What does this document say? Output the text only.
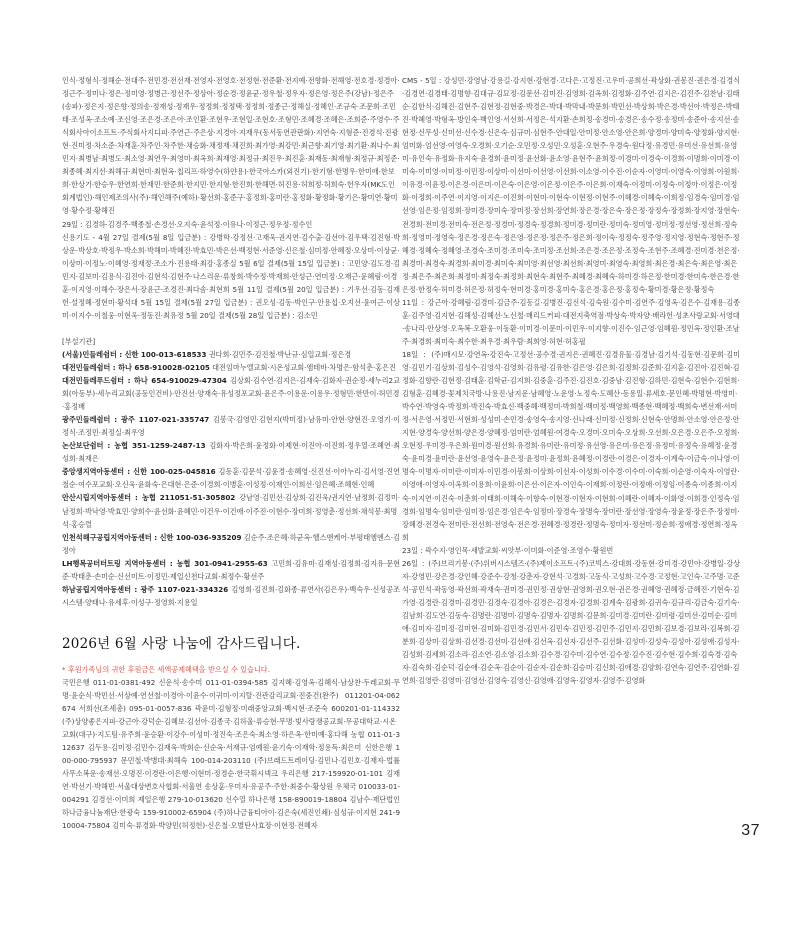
인식·정형식·정해순·전대주·전민경·전선재·전영자·전영호·전정현·전준환·전지예·전향화·전해영·전호경·정경아·정근주·정미나·정은·정미영·정병근·정선주·정상아·정순경·정윤균·정우철·정우자·정은영·정은주(강남)·정은주(송파)·정은지·정은향·정의송·정재성·정재우·정정희·정정택·정정희·정종근·정해실·정혜인·조규숙·조문희·조민태·조성옥·조소예·조신영·조은경·조은아·조인환·조현우·조현일·조현호·조형민·조혜경·조혜은·조희준·주영수·주식회사아이소프트·주식회사지디피·주연근·주은상·지경아·지재우(동서동연관판화)·지연숙·지형준·진경석·진광현·진미정·차소준·차재훈·차주인·차주한·채승화·채정재·채진희·최가영·최강민·최근향·최기영·최기환·최나수·최민지·최병남·최병도·최소영·최연우·최영미·최옥희·최재영·최정규·최진우·최진훈·최재동·최재형·최정규·최정준·최종혜·최지선·최해규·최현미·최현옥·칩리프·하영수(하얀용)·한국아스카(외진기)·한기형·한명우·한미애·한보희·한상기·한승우·한연희·한재민·한준희·한지민·한지형·한진희·한해면·허진용·허희정·허희숙·헌우자(MK도인회계법인)·해인제조의사(주)·해인해주(예하)·황선희·홍준구·홍정희·홍미란·홍정화·황정화·황기은·황미연·황미영·황수정·황해진

29일 : 김경하·김경주·백종철·손경선·오지숙·윤석정·이유나·이정근·정우정·정수인

신용기도 - 4월 27일 결제(5월 8일 입금분) : 강병학·강정선·고재욱·권지연·김수출·김선아·김우택·김진형·박상운·박상호·박정우·박소희·박해미·박혜진·박효민·박은선·백정현·서준영·신은철·심미정·안혜정·오상미·이상균·이상미·이정노·이혜영·정재정·조소가·진용태·최강·홍종실 5월 6일 결제(5월 15일 입금분) : 고민양·김도경·김민지·김보미·김용식·김진아·김현석·김현주·나스리운·류창희·박수정·박재희·안성근·연미정·오재근·윤혜림·이경훈·이지영·이해수·장은서·장윤근·조경진·최다솜·최현희 5월 11일 결제(5월 20일 입금분) : 기우선·김동·김재헌·설정혜·정현미·황석대 5월 15일 결제(5월 27일 입금분) : 권오성·김동·박인구·안용섭·오지선·윤여근·이상미·이지수·이철웅·이현욱·정동진·최유정 5월 20일 결제(5월 28일 입금분) : 김소민

[부설기관]

(서울)민들레쉼터 : 신한 100-013-618533 권다희·김민주·김진철·박난규·심일교회·정은경

대전민들레쉼터 : 하나 658-910028-02105 대전임마누엘교회·시온성교회·엠테바·차명은·함석춘·홍은진

대전민들레푸드쉼터 : 하나 654-910029-47304 김상회·김수연·김지은·김재숙·김화자·권순정·세누리2교회(아동부)·세누리교회(공동인건비)·안진선·양재숙·유성정포교회·윤은주·이용운·이용우·정형민·한만이·허민경·홍정배

광주민들레쉼터 : 광주 1107-021-335747 김봉국·김영민·김현지(박미정)·남유미·안현·양현진·오영기·이정식·조정민·최정실·최우영

논산보단쉼터 : 농협 351-1259-2487-13 김화자·박은희·윤정화·이제현·이진아·이진희·정우열·조혜연·최성희·최재은

중앙생지역아동센터 : 신한 100-025-045816 김동훈·김문석·김윤경·송혜영·신진선·이아누리·김서영·진연철순·여수포교회·오신욱·윤화숙·은대현·은준·이경희·이병훈·이성정·이재인·이희선·임은혜·조혜현·인혜

안산시립지역아동센터 : 농협 211051-51-305802 강남영·김민선·김상희·김진욱/권지연·남정희·김정미·남정희·박낙영·박효민·양희수·윤선화·윤혜민·이건우·이건애·이주진·이현수·장미희·정영춘·정선희·채석봉·최명석·홍승렬

인천석해구공립지역아동센터 : 신한 100-036-935209 김순주·조은혜·하균옥·헬스앤케어·부평태엠엔스·김정아

LH행복공터터트링 지역아동센터 : 농협 301-0941-2955-63 고민희·김유미·김재성·김정희·김지유·문현준·박태춘·손미순·신선미트·이정민·제일신천다교회·최정수·황선주

하남공립지역아동센터 : 광주 1107-021-334326 김영희·김진희·김화종·류연사(김은우)·백숙우·신성공조시스템·양태나·유세후·이성구·정영희·지용일

2026년 6월 사랑 나눔에 감사드립니다.

* 후원가족님의 귀한 후원금은 세액공제혜택을 받으실 수 있습니다.

국민은행 011-01-0381-492 신운석·송수미 011-01-0394-585 김지혜·김영옥·김혜식·남상찬·두레교회·무명·윤순식·박민선·서상예·연선철·이경아·이윤수·이귀미·이지탈·진관감리교회·진중건(완주) 011201-04-062674 서희선(조세총) 095-01-0057-836 곽윤미·김형정·미래중앙교회·백시현·조준숙 600201-01-114332 (주)상양좋은지파·강근아·강덕순·김혜보·김선아·김종국·김하울·류승현·무명·빛사랑쟁공교회·무공대학교·시온교회(대구)·지도팀·유주희·윤승환·이강수·이성미·정진숙·조은숙·최소영·하은옥·한미예·홍다해 농협 011-01-312637 김두용·김미정·김민수·김재욱·박희순·신순옥·서재규·엄예원·윤기숙·이재학·정용득·최은미 신한은행 100-000-795937 문민철·박병대·최해숙 100-014-203110 (주)브래드트레이딩·김민나·김민호·김재자·법률사무소복운·송재선·오명진·이경란·이은행·이현미·정경순·한국휘시넥크 우리은행 217-159920-01-101 김재연·박선기·박해빈·서울대상변호사협회·서울연 송상훈·우미자·유공주·주한·최중수·황상원 우체국 010033-01-004291 김경선·이미희 제일은행 279-10-013620 신수열 하나은행 158-890019-18804 김남수·재단법인 하나금융나눔재단·한광숙 159-910002-65904 (주)하나금융티아이·김은숙(세진인쇄)·심성규·이지현 241-910004-75804 김미숙·류경화·박양민(허정헌)·신은철·오별탄사효장·이현정·전혜자

CMS - 5일 : 강성민·강영남·강용길·강지현·강현경·고다은·고정진·고우미·공희선·곽상화·권봉진·권은경·김경식·김경연·김경태·김명향·김대규·김묘정·김문선·김미진·김영희·김옥희·김정화·김주연·김지은·김진주·김찬남·김태순·김한식·김해진·김현주·김현정·김현중·박경은·박대·박막내·박문희·박민선·박상희·박은경·박선아·박정은·박태진·박혜영·박형옥·방인숙·백인영·서선희·서정은·석지환·손희정·송경미·송경은·송수정·송정미·송준아·송지선·송현정·신무성·신미선·신수경·신은숙·심규미·심현주·안대일·안미정·안소영·안은희·양경미·양미숙·양정화·양지현·엄미화·엄선영·여영숙·오경희·오기순·오민정·오성민·오성훈·오현주·우경숙·원다정·유경민·유미선·유선희·유영미·유인숙·유정화·유지숙·윤경희·윤미정·윤선화·윤소영·윤현주·윤희정·이경미·이경숙·이경희·이명희·이미경·이미숙·이미영·이미정·이민정·이상미·이선미·이선영·이선희·이소영·이수진·이순자·이영미·이영숙·이영희·이원희·이유경·이윤정·이은경·이은미·이은숙·이은영·이은정·이은주·이은희·이재숙·이정미·이정숙·이정아·이정은·이정화·이정희·이주연·이지영·이지은·이진희·이현미·이현숙·이현정·이현주·이혜경·이혜숙·이희정·임경숙·임미경·임선영·임은정·임정희·장미경·장미숙·장미정·장선희·장연희·장은경·장은숙·장은정·장정숙·장정희·장지영·장현숙·전경희·전미경·전미숙·전은정·정경미·정경숙·정경희·정미경·정미란·정미숙·정미영·정미정·정선영·정선희·정숙희·정영미·정영숙·정은경·정은숙·정은영·정은정·정은주·정은희·정이숙·정정숙·정주영·정지영·정현숙·정현주·정혜경·정혜숙·정혜영·조경숙·조미경·조미숙·조미정·조선희·조은경·조은정·조정숙·조현주·조혜경·진미경·천은정·최경미·최경숙·최경희·최미경·최미숙·최미영·최선영·최선희·최영미·최영숙·최영희·최은경·최은숙·최은영·최은정·최은주·최은희·최정미·최정숙·최정희·최현숙·최현주·최혜경·최혜숙·하미경·하은정·한미경·한미숙·한은경·한은정·한정숙·허미경·허은정·허정숙·현미경·홍미경·홍미숙·홍은경·홍은정·홍정숙·황미경·황은정·황정숙

11일 : 강근아·강혜림·김경미·김금주·김동길·김병진·김신석·김숙원·김수미·김연주·김영옥·김은수·김재용·김종훈·김주영·김지현·김해성·김혜선·노신철·매리드커피·대전지축역점·박상숙·박자양·배라헌·성초사랑교회·서영대·송나리·안상영·오옥복·오환웅·이동환·이미경·이문미·이민우·이지향·이진수·임근영·임혜원·정민옥·정인환·조남주·최경희·최미숙·최수한·최우경·최우람·최희영·허현·허홍필

18일 : (주)매시모·강연옥·강진숙·고정선·공수경·권지은·권혜진·김경유물·김경남·김기석·김동현·김문희·김미영·김민기·김상희·김성수·김영석·김영희·김유령·김유한·김은영·김은희·김정희·김준희·김지훈·김진아·김진혁·김정화·김향란·김현정·김태훈·김학균·김지희·김중훈·김주진·김진호·김중남·김진형·김하민·김현숙·김현수·김현희·김형훈·김혜경·꽃제치국방·나용진·남지운·남혜영·노운영·노정숙·도혜산·동용일·류세호·문인혜·박명현·박영미·박수연·박영숙·박정희·박진숙·박효신·백중혜·백정미·박희철·백미정·백영희·백종현·백혜정·백희숙·변선재·서미정·서은영·서정민·서현희·성성미·손민경·송영숙·송지영·신나래·신미정·신정희·신현숙·안명희·안소영·안은정·안지현·양경숙·양선희·양은경·양혜정·엄미란·엄혜원·여경숙·오경미·오미숙·오상희·오선희·오은경·오은주·오정희·오현정·우미경·우은희·원미경·원선희·유경희·유미란·유미정·유선영·유은미·유은정·유정미·유정숙·유혜정·윤경숙·윤미경·윤미란·윤선영·윤영숙·윤은정·윤정미·윤정희·윤혜정·이경란·이경은·이경자·이계숙·이금숙·이나영·이명숙·이명자·이미란·이미자·이민경·이봉희·이상희·이선자·이성희·이수경·이수미·이숙희·이순영·이숙자·이영란·이영애·이영자·이옥희·이용희·이윤희·이은선·이은자·이인숙·이재희·이정란·이정애·이정임·이종숙·이종희·이지숙·이지연·이진숙·이춘희·이태희·이해숙·이향숙·이현경·이현자·이현희·이혜란·이혜자·이화영·이희경·인정숙·임경희·임명숙·임미란·임미정·임은경·임은숙·임정미·장경숙·장명숙·장미란·장선영·장영숙·장윤정·장은주·장정미·장혜경·전경숙·전미란·전선희·전영숙·전은경·전혜경·정경란·정명숙·정미자·정선미·정순희·정애경·정연희·정옥희

23일 : 곽수지·영인목·세발교회·씨앗부·이미화·이준영·조영수·황원빈

26일 : (주)브리기봉·(주)위버시스템즈·(주)제이소프트·(주)코빅스·강대희·강동현·강미경·강민아·강병일·강상자·강영민·강은경·강인혜·강준수·강청·강춘자·강현석·고경희·고동식·고성희·고수경·고정현·고인숙·고주명·고준석·공민석·곽동영·곽선희·곽재숙·권미경·권민정·권상현·권영희·권오현·권은경·권혜영·권혜정·금혜진·기현숙·김가영·김경란·김경미·김경민·김경숙·김경아·김경은·김경자·김경희·김계숙·김광희·김귀숙·김규리·김금숙·김기숙·김남희·김도연·김동숙·김명란·김명미·김명숙·김명자·김명희·김문희·김미경·김미란·김미령·김미선·김미순·김미애·김미자·김미정·김미현·김미화·김민경·김민서·김민숙·김민정·김민주·김민지·김민희·김보경·김보라·김복희·김분희·김상미·김상희·김선경·김선미·김선애·김선옥·김선자·김선주·김선화·김성미·김성숙·김성아·김성애·김성자·김성희·김세희·김소라·김소연·김소영·김소희·김수경·김수미·김수연·김수정·김수진·김수현·김수희·김숙경·김숙자·김숙희·김순덕·김순애·김순옥·김순이·김순자·김순희·김승미·김신희·김애경·김양희·김연숙·김연주·김연화·김연희·김영란·김영미·김영선·김영숙·김영신·김영애·김영옥·김영자·김영주·김영화

37
